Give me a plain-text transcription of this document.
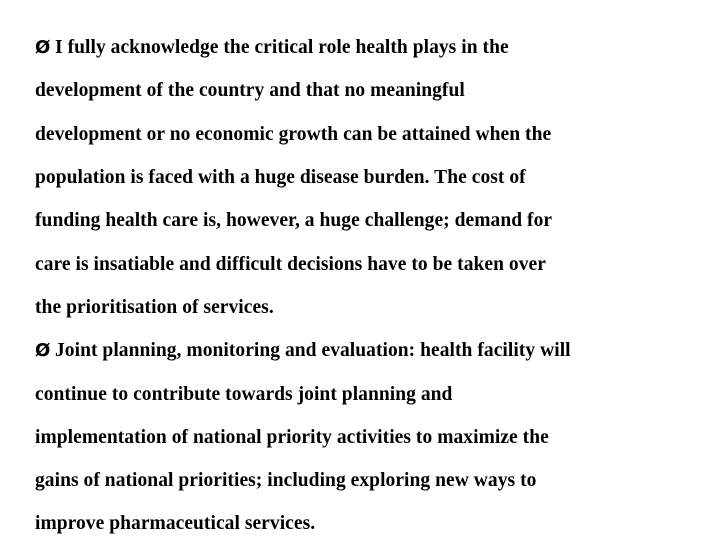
Ø I fully acknowledge the critical role health plays in the
development of the country and that no meaningful
development or no economic growth can be attained when the
population is faced with a huge disease burden. The cost of
funding health care is, however, a huge challenge; demand for
care is insatiable and difficult decisions have to be taken over
the prioritisation of services.
Ø Joint planning, monitoring and evaluation: health facility will
continue to contribute towards joint planning and
implementation of national priority activities to maximize the
gains of national priorities; including exploring new ways to
improve pharmaceutical services.
